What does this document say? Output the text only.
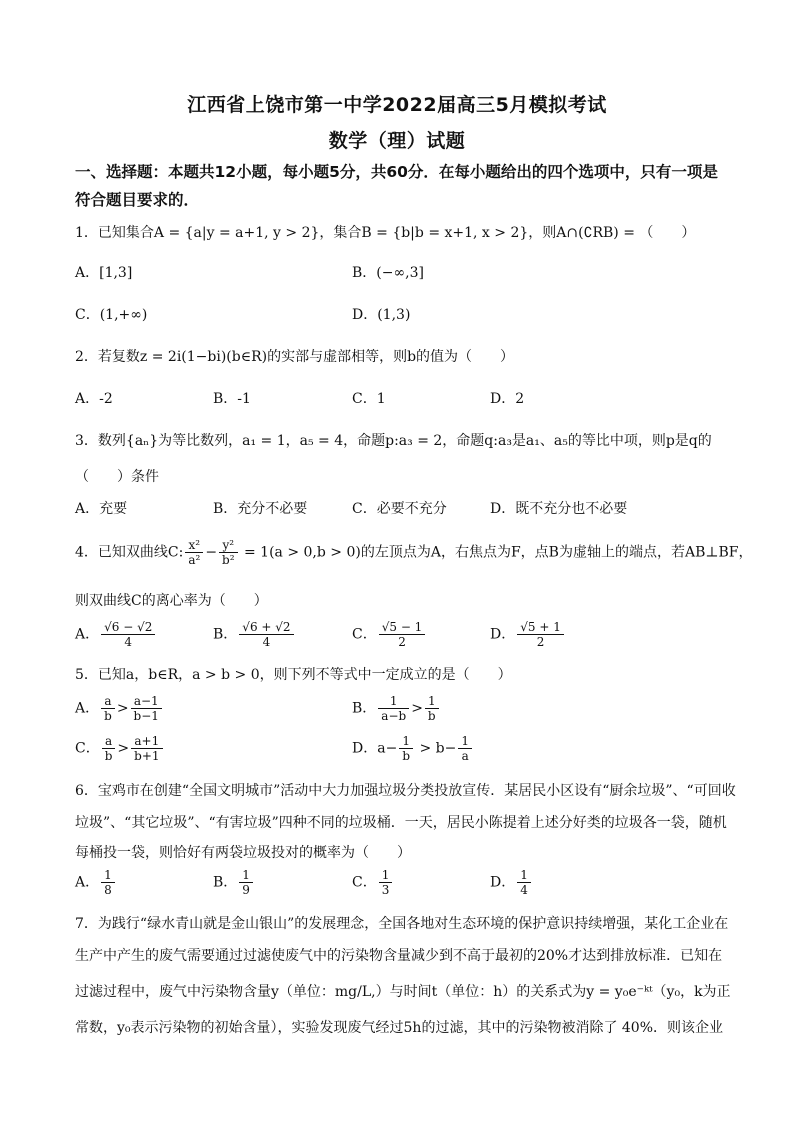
江西省上饶市第一中学2022届高三5月模拟考试
数学（理）试题
一、选择题：本题共12小题，每小题5分，共60分．在每小题给出的四个选项中，只有一项是符合题目要求的．
1．已知集合A = {a|y = a+1, y > 2}，集合B = {b|b = x+1, x > 2}，则A∩(∁RB) = （　　）
A．[1,3]	B．(−∞,3]
C．(1,+∞)	D．(1,3)
2．若复数z = 2i(1−bi)(b∈R)的实部与虚部相等，则b的值为（　　）
A．-2	B．-1	C．1	D．2
3．数列{aₙ}为等比数列，a₁ = 1，a₅ = 4，命题p:a₃ = 2，命题q:a₃是a₁、a₅的等比中项，则p是q的
（　　）条件
A．充要	B．充分不必要	C．必要不充分	D．既不充分也不必要
4．已知双曲线C: $\frac{\text{x²}}{\text{a²}} - \frac{\text{y²}}{\text{b²}} = 1(a > 0,b > 0)$的左顶点为A，右焦点为F，点B为虚轴上的端点，若AB⊥BF，
则双曲线C的离心率为（　　）
A． $\frac{√6 - √2}{4}$	B． $\frac{√6 + √2}{4}$	C． $\frac{√5 - 1}{2}$	D． $\frac{√5 + 1}{2}$
5．已知a，b∈R，a > b > 0，则下列不等式中一定成立的是（　　）
A． $\frac{a}{b} > \frac{a-1}{b-1}$	B． $\frac{1}{a-b} > \frac{1}{b}$
C． $\frac{a}{b} > \frac{a+1}{b+1}$	D．$a- \frac{1}{b} > b- \frac{1}{a}$
6．宝鸡市在创建“全国文明城市”活动中大力加强垃圾分类投放宣传．某居民小区设有“厨余垃圾”、“可回收
垃圾”、“其它垃圾”、“有害垃圾”四种不同的垃圾桶．一天，居民小陈提着上述分好类的垃圾各一袋，随机
每桶投一袋，则恰好有两袋垃圾投对的概率为（　　）
A． $\frac{1}{8}$	B． $\frac{1}{9}$	C． $\frac{1}{3}$	D． $\frac{1}{4}$
7．为践行“绿水青山就是金山银山”的发展理念，全国各地对生态环境的保护意识持续增强，某化工企业在
生产中产生的废气需要通过过滤使废气中的污染物含量减少到不高于最初的20%才达到排放标准．已知在
过滤过程中，废气中污染物含量y（单位：mg/L,）与时间t（单位：h）的关系式为y = y₀e⁻ᵏᵗ（y₀，k为正
常数，y₀表示污染物的初始含量），实验发现废气经过5h的过滤，其中的污染物被消除了 40%．则该企业
